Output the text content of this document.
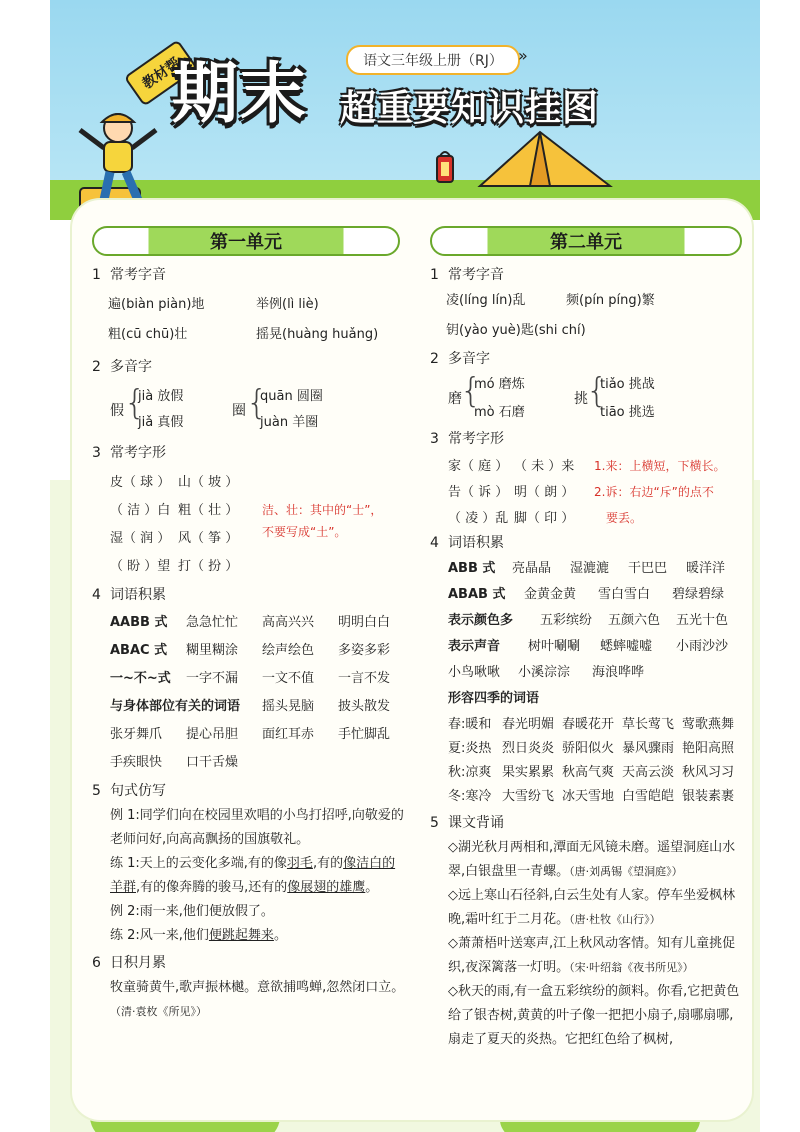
教材帮
期末	语文三年级上册（RJ） »
超重要知识挂图
第一单元
1 常考字音
遍(biàn piàn)地	举例(lì liè)
粗(cū chū)壮	摇晃(huàng huǎng)
2 多音字
假 {
jià 放假
jiǎ 真假
圈 {
quān 圆圈
juàn 羊圈
3 常考字形
皮（ 球 ） 山（ 坡 ）
（ 洁 ）白 粗（ 壮 ）
湿（ 润 ） 风（ 筝 ）
（ 盼 ）望 打（ 扮 ）
洁、壮：其中的“士”，
不要写成“土”。
4 词语积累
AABB 式 急急忙忙 高高兴兴 明明白白
ABAC 式 糊里糊涂 绘声绘色 多姿多彩
一~不~式 一字不漏 一文不值 一言不发
与身体部位有关的词语 摇头晃脑 披头散发
张牙舞爪 提心吊胆 面红耳赤 手忙脚乱
手疾眼快 口干舌燥
5 句式仿写
例 1:同学们向在校园里欢唱的小鸟打招呼,向敬爱的老师问好,向高高飘扬的国旗敬礼。
练 1:天上的云变化多端,有的像羽毛,有的像洁白的羊群,有的像奔腾的骏马,还有的像展翅的雄鹰。
例 2:雨一来,他们便放假了。
练 2:风一来,他们便跳起舞来。
6 日积月累
牧童骑黄牛,歌声振林樾。意欲捕鸣蝉,忽然闭口立。（清·袁枚《所见》）
第二单元
1 常考字音
凌(líng lín)乱	频(pín píng)繁
钥(yào yuè)匙(shi chí)
2 多音字
磨
{
mó 磨炼
mò 石磨
挑
{
tiǎo 挑战
tiāo 挑选
3 常考字形
家（ 庭 ） （ 未 ）来
告（ 诉 ） 明（ 朗 ）
（ 凌 ）乱 脚（ 印 ）
1.来：上横短，下横长。
2.诉：右边“斥”的点不
要丢。
4 词语积累
ABB 式 亮晶晶 湿漉漉 干巴巴 暖洋洋
ABAB 式 金黄金黄 雪白雪白 碧绿碧绿
表示颜色多 五彩缤纷 五颜六色 五光十色
表示声音 树叶唰唰 蟋蟀嘘嘘 小雨沙沙
小鸟啾啾 小溪淙淙 海浪哗哗
形容四季的词语
春:暖和 春光明媚 春暖花开 草长莺飞 莺歌燕舞
夏:炎热 烈日炎炎 骄阳似火 暴风骤雨 艳阳高照
秋:凉爽 果实累累 秋高气爽 天高云淡 秋风习习
冬:寒冷 大雪纷飞 冰天雪地 白雪皑皑 银装素裹
5 课文背诵
◇湖光秋月两相和,潭面无风镜未磨。遥望洞庭山水翠,白银盘里一青螺。（唐·刘禹锡《望洞庭》）
◇远上寒山石径斜,白云生处有人家。停车坐爱枫林晚,霜叶红于二月花。（唐·杜牧《山行》）
◇萧萧梧叶送寒声,江上秋风动客情。知有儿童挑促织,夜深篱落一灯明。（宋·叶绍翁《夜书所见》）
◇秋天的雨,有一盒五彩缤纷的颜料。你看,它把黄色给了银杏树,黄黄的叶子像一把把小扇子,扇哪扇哪,扇走了夏天的炎热。它把红色给了枫树,
